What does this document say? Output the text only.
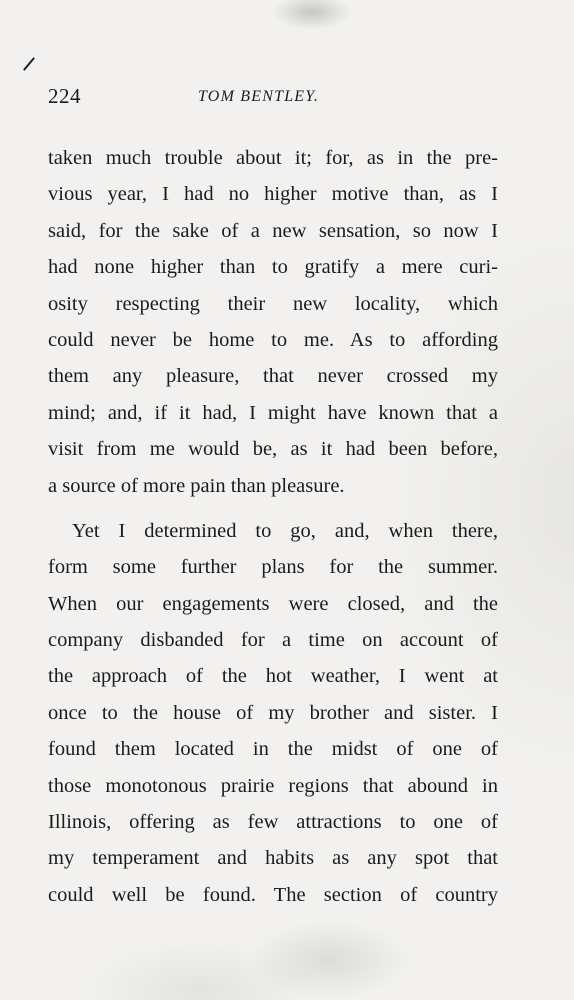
224	TOM BENTLEY.
taken much trouble about it; for, as in the pre-
vious year, I had no higher motive than, as I
said, for the sake of a new sensation, so now I
had none higher than to gratify a mere curi-
osity respecting their new locality, which
could never be home to me. As to affording
them any pleasure, that never crossed my
mind; and, if it had, I might have known that a
visit from me would be, as it had been before,
a source of more pain than pleasure.
Yet I determined to go, and, when there,
form some further plans for the summer.
When our engagements were closed, and the
company disbanded for a time on account of
the approach of the hot weather, I went at
once to the house of my brother and sister. I
found them located in the midst of one of
those monotonous prairie regions that abound in
Illinois, offering as few attractions to one of
my temperament and habits as any spot that
could well be found. The section of country
